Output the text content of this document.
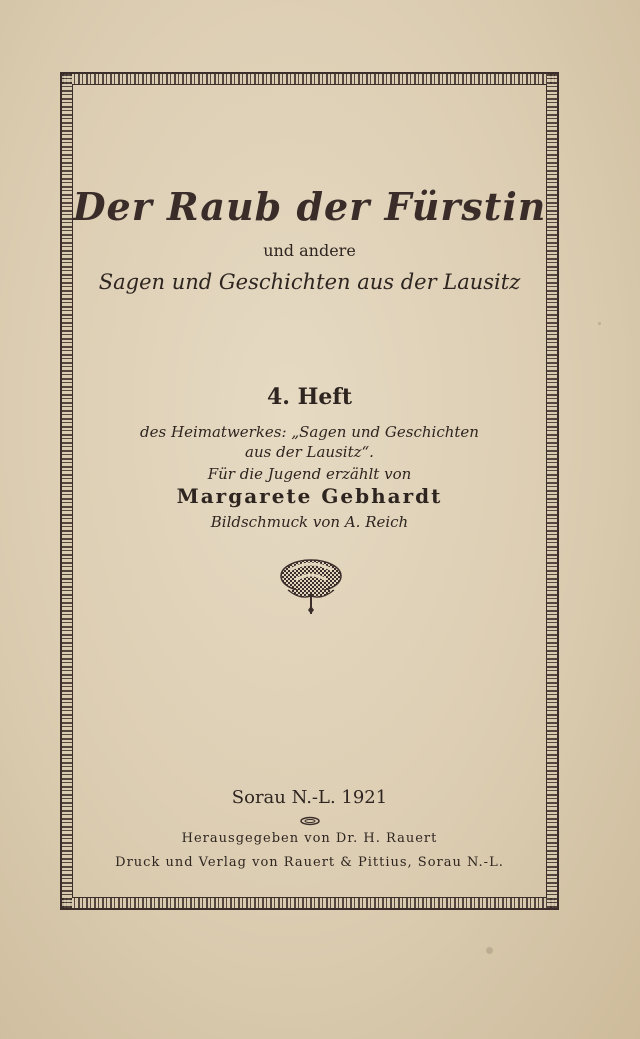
Der Raub der Fürstin
und andere
Sagen und Geschichten aus der Lausitz
4. Heft
des Heimatwerkes: „Sagen und Geschichten
aus der Lausitz“.
Für die Jugend erzählt von
Margarete Gebhardt
Bildschmuck von A. Reich
Sorau N.-L. 1921
Herausgegeben von Dr. H. Rauert
Druck und Verlag von Rauert & Pittius, Sorau N.-L.
